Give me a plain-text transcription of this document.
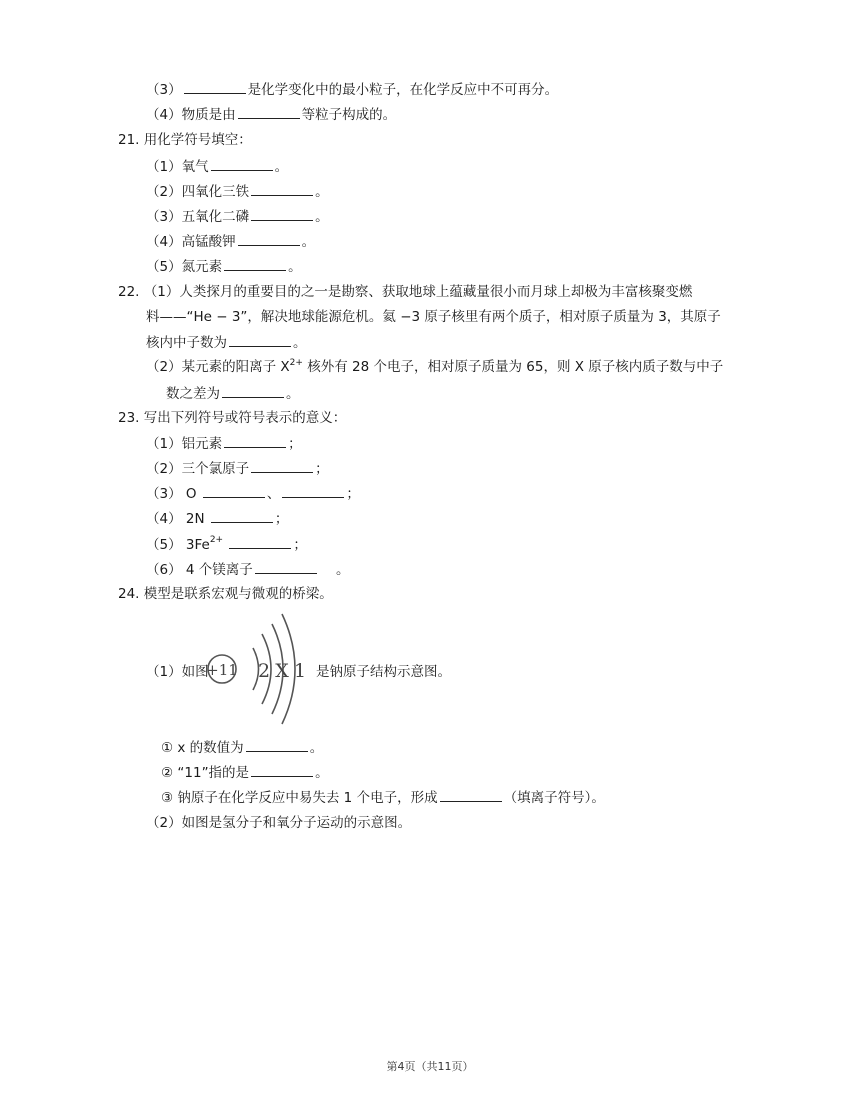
（3）	是化学变化中的最小粒子，在化学反应中不可再分。
（4）物质是由	等粒子构成的。
21. 用化学符号填空：
（1）氧气	。
（2）四氧化三铁	。
（3）五氧化二磷	。
（4）高锰酸钾	。
（5）氮元素	。
22. （1）人类探月的重要目的之一是勘察、获取地球上蕴藏量很小而月球上却极为丰富核聚变燃
料——“He − 3”，解决地球能源危机。氦 −3 原子核里有两个质子，相对原子质量为 3，其原子
核内中子数为	。
（2）某元素的阳离子 $X^{2+}$ 核外有 28 个电子，相对原子质量为 65，则 X 原子核内质子数与中子
数之差为	。
23. 写出下列符号或符号表示的意义：
（1）铝元素	；
（2）三个氯原子	；
（3） O	、	；
（4） 2N	；
（5） $3Fe^{2+}$	；
（6） 4 个镁离子	。
24. 模型是联系宏观与微观的桥梁。
（1）如图
+11 2 X 1 是钠原子结构示意图。
① x 的数值为	。
② “11”指的是	。
③ 钠原子在化学反应中易失去 1 个电子，形成	（填离子符号）。
（2）如图是氢分子和氧分子运动的示意图。
第4页（共11页）
